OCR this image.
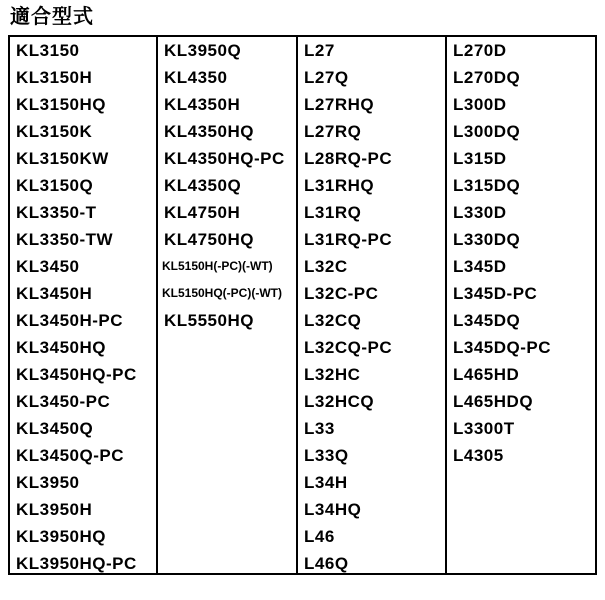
適合型式
KL3150
KL3150H
KL3150HQ
KL3150K
KL3150KW
KL3150Q
KL3350-T
KL3350-TW
KL3450
KL3450H
KL3450H-PC
KL3450HQ
KL3450HQ-PC
KL3450-PC
KL3450Q
KL3450Q-PC
KL3950
KL3950H
KL3950HQ
KL3950HQ-PC
KL3950Q
KL4350
KL4350H
KL4350HQ
KL4350HQ-PC
KL4350Q
KL4750H
KL4750HQ
KL5150H(-PC)(-WT)
KL5150HQ(-PC)(-WT)
KL5550HQ
L27
L27Q
L27RHQ
L27RQ
L28RQ-PC
L31RHQ
L31RQ
L31RQ-PC
L32C
L32C-PC
L32CQ
L32CQ-PC
L32HC
L32HCQ
L33
L33Q
L34H
L34HQ
L46
L46Q
L270D
L270DQ
L300D
L300DQ
L315D
L315DQ
L330D
L330DQ
L345D
L345D-PC
L345DQ
L345DQ-PC
L465HD
L465HDQ
L3300T
L4305
